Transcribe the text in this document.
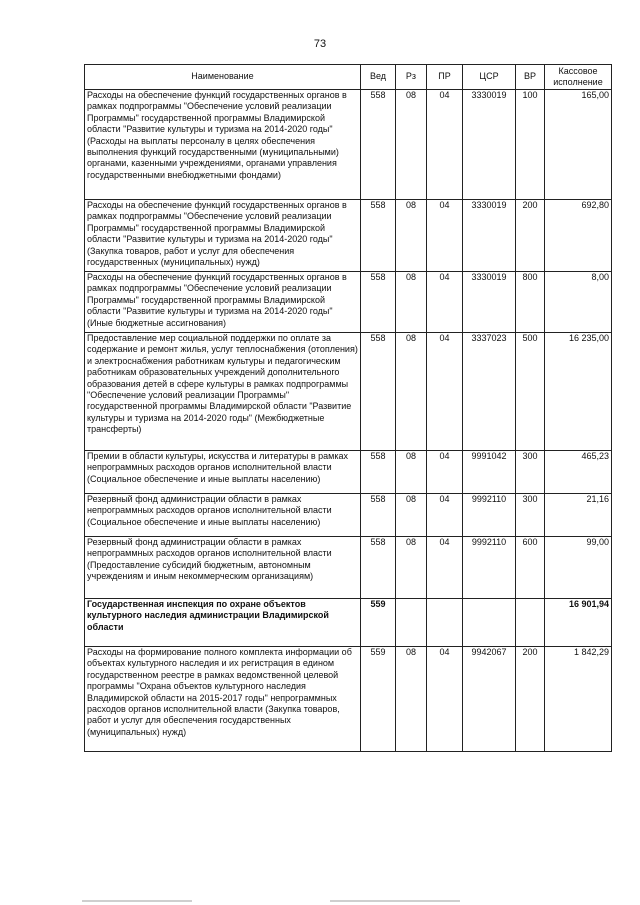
73
Наименование	Вед	Рз	ПР	ЦСР	ВР	Кассовое исполнение
Расходы на обеспечение функций государственных органов в рамках подпрограммы "Обеспечение условий реализации Программы" государственной программы Владимирской области "Развитие культуры и туризма на 2014-2020 годы" (Расходы на выплаты персоналу в целях обеспечения выполнения функций государственными (муниципальными) органами, казенными учреждениями, органами управления государственными внебюджетными фондами)	558	08	04	3330019	100	165,00
Расходы на обеспечение функций государственных органов в рамках подпрограммы "Обеспечение условий реализации Программы" государственной программы Владимирской области "Развитие культуры и туризма на 2014-2020 годы" (Закупка товаров, работ и услуг для обеспечения государственных (муниципальных) нужд)	558	08	04	3330019	200	692,80
Расходы на обеспечение функций государственных органов в рамках подпрограммы "Обеспечение условий реализации Программы" государственной программы Владимирской области "Развитие культуры и туризма на 2014-2020 годы" (Иные бюджетные ассигнования)	558	08	04	3330019	800	8,00
Предоставление мер социальной поддержки по оплате за содержание и ремонт жилья, услуг теплоснабжения (отопления) и электроснабжения работникам культуры и педагогическим работникам образовательных учреждений дополнительного образования детей в сфере культуры в рамках подпрограммы "Обеспечение условий реализации Программы" государственной программы Владимирской области "Развитие культуры и туризма на 2014-2020 годы" (Межбюджетные трансферты)	558	08	04	3337023	500	16 235,00
Премии в области культуры, искусства и литературы в рамках непрограммных расходов органов исполнительной власти (Социальное обеспечение и иные выплаты населению)	558	08	04	9991042	300	465,23
Резервный фонд администрации области в рамках непрограммных расходов органов исполнительной власти (Социальное обеспечение и иные выплаты населению)	558	08	04	9992110	300	21,16
Резервный фонд администрации области в рамках непрограммных расходов органов исполнительной власти (Предоставление субсидий бюджетным, автономным учреждениям и иным некоммерческим организациям)	558	08	04	9992110	600	99,00
Государственная инспекция по охране объектов культурного наследия администрации Владимирской области	559					16 901,94
Расходы на формирование полного комплекта информации об объектах культурного наследия и их регистрация в едином государственном реестре в рамках ведомственной целевой программы "Охрана объектов культурного наследия Владимирской области на 2015-2017 годы" непрограммных расходов органов исполнительной власти (Закупка товаров, работ и услуг для обеспечения государственных (муниципальных) нужд)	559	08	04	9942067	200	1 842,29
